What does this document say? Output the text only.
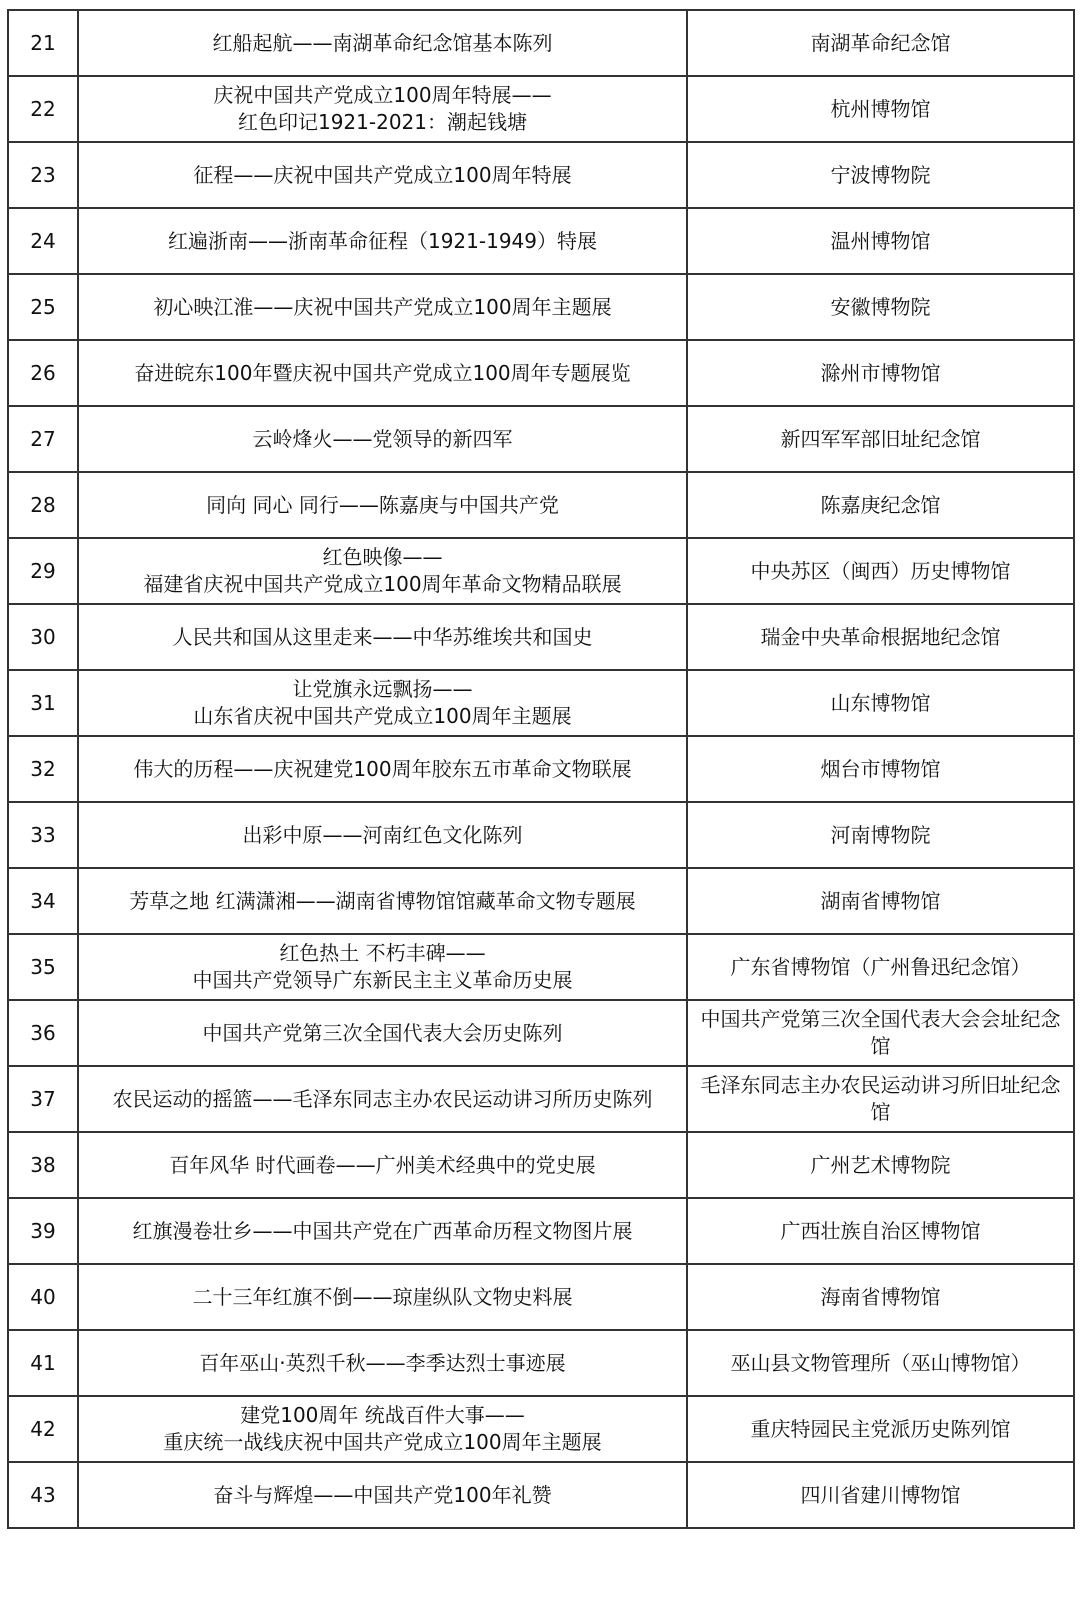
21	红船起航——南湖革命纪念馆基本陈列	南湖革命纪念馆
22	庆祝中国共产党成立100周年特展——
红色印记1921-2021：潮起钱塘	杭州博物馆
23	征程——庆祝中国共产党成立100周年特展	宁波博物院
24	红遍浙南——浙南革命征程（1921-1949）特展	温州博物馆
25	初心映江淮——庆祝中国共产党成立100周年主题展	安徽博物院
26	奋进皖东100年暨庆祝中国共产党成立100周年专题展览	滁州市博物馆
27	云岭烽火——党领导的新四军	新四军军部旧址纪念馆
28	同向 同心 同行——陈嘉庚与中国共产党	陈嘉庚纪念馆
29	红色映像——
福建省庆祝中国共产党成立100周年革命文物精品联展	中央苏区（闽西）历史博物馆
30	人民共和国从这里走来——中华苏维埃共和国史	瑞金中央革命根据地纪念馆
31	让党旗永远飘扬——
山东省庆祝中国共产党成立100周年主题展	山东博物馆
32	伟大的历程——庆祝建党100周年胶东五市革命文物联展	烟台市博物馆
33	出彩中原——河南红色文化陈列	河南博物院
34	芳草之地 红满潇湘——湖南省博物馆馆藏革命文物专题展	湖南省博物馆
35	红色热土 不朽丰碑——
中国共产党领导广东新民主主义革命历史展	广东省博物馆（广州鲁迅纪念馆）
36	中国共产党第三次全国代表大会历史陈列	中国共产党第三次全国代表大会会址纪念馆
37	农民运动的摇篮——毛泽东同志主办农民运动讲习所历史陈列	毛泽东同志主办农民运动讲习所旧址纪念馆
38	百年风华 时代画卷——广州美术经典中的党史展	广州艺术博物院
39	红旗漫卷壮乡——中国共产党在广西革命历程文物图片展	广西壮族自治区博物馆
40	二十三年红旗不倒——琼崖纵队文物史料展	海南省博物馆
41	百年巫山·英烈千秋——李季达烈士事迹展	巫山县文物管理所（巫山博物馆）
42	建党100周年 统战百件大事——
重庆统一战线庆祝中国共产党成立100周年主题展	重庆特园民主党派历史陈列馆
43	奋斗与辉煌——中国共产党100年礼赞	四川省建川博物馆
